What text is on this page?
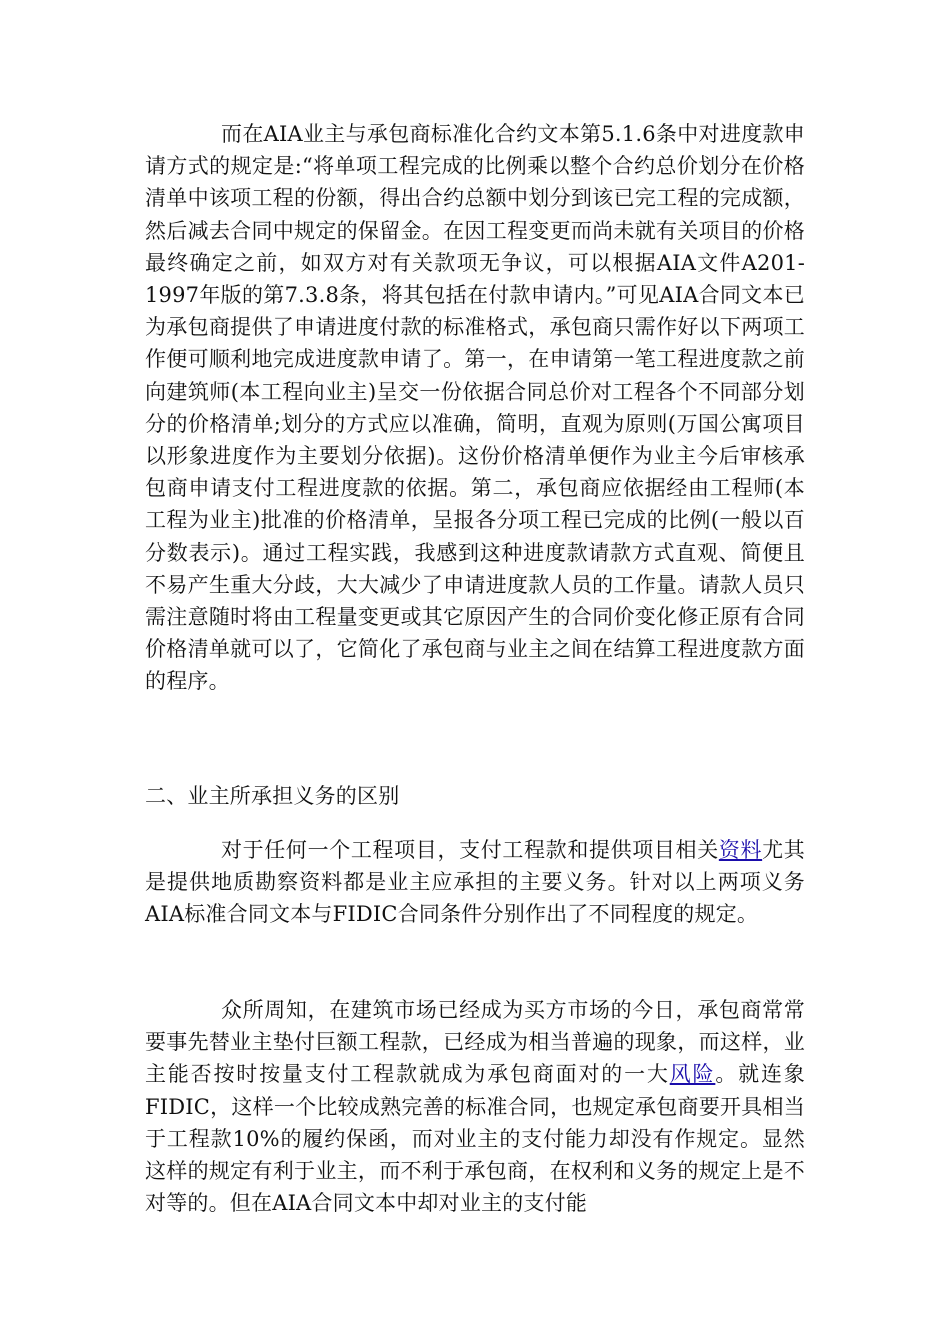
而在AIA业主与承包商标准化合约文本第5.1.6条中对进度款申请方式的规定是:“将单项工程完成的比例乘以整个合约总价划分在价格清单中该项工程的份额，得出合约总额中划分到该已完工程的完成额，然后减去合同中规定的保留金。在因工程变更而尚未就有关项目的价格最终确定之前，如双方对有关款项无争议，可以根据AIA文件A201-1997年版的第7.3.8条，将其包括在付款申请内。”可见AIA合同文本已为承包商提供了申请进度付款的标准格式，承包商只需作好以下两项工作便可顺利地完成进度款申请了。第一，在申请第一笔工程进度款之前向建筑师(本工程向业主)呈交一份依据合同总价对工程各个不同部分划分的价格清单;划分的方式应以准确，简明，直观为原则(万国公寓项目以形象进度作为主要划分依据)。这份价格清单便作为业主今后审核承包商申请支付工程进度款的依据。第二，承包商应依据经由工程师(本工程为业主)批准的价格清单，呈报各分项工程已完成的比例(一般以百分数表示)。通过工程实践，我感到这种进度款请款方式直观、简便且不易产生重大分歧，大大减少了申请进度款人员的工作量。请款人员只需注意随时将由工程量变更或其它原因产生的合同价变化修正原有合同价格清单就可以了，它简化了承包商与业主之间在结算工程进度款方面的程序。

二、业主所承担义务的区别

对于任何一个工程项目，支付工程款和提供项目相关资料尤其是提供地质勘察资料都是业主应承担的主要义务。针对以上两项义务AIA标准合同文本与FIDIC合同条件分别作出了不同程度的规定。

众所周知，在建筑市场已经成为买方市场的今日，承包商常常要事先替业主垫付巨额工程款，已经成为相当普遍的现象，而这样，业主能否按时按量支付工程款就成为承包商面对的一大风险。就连象FIDIC，这样一个比较成熟完善的标准合同，也规定承包商要开具相当于工程款10%的履约保函，而对业主的支付能力却没有作规定。显然这样的规定有利于业主，而不利于承包商，在权利和义务的规定上是不对等的。但在AIA合同文本中却对业主的支付能
